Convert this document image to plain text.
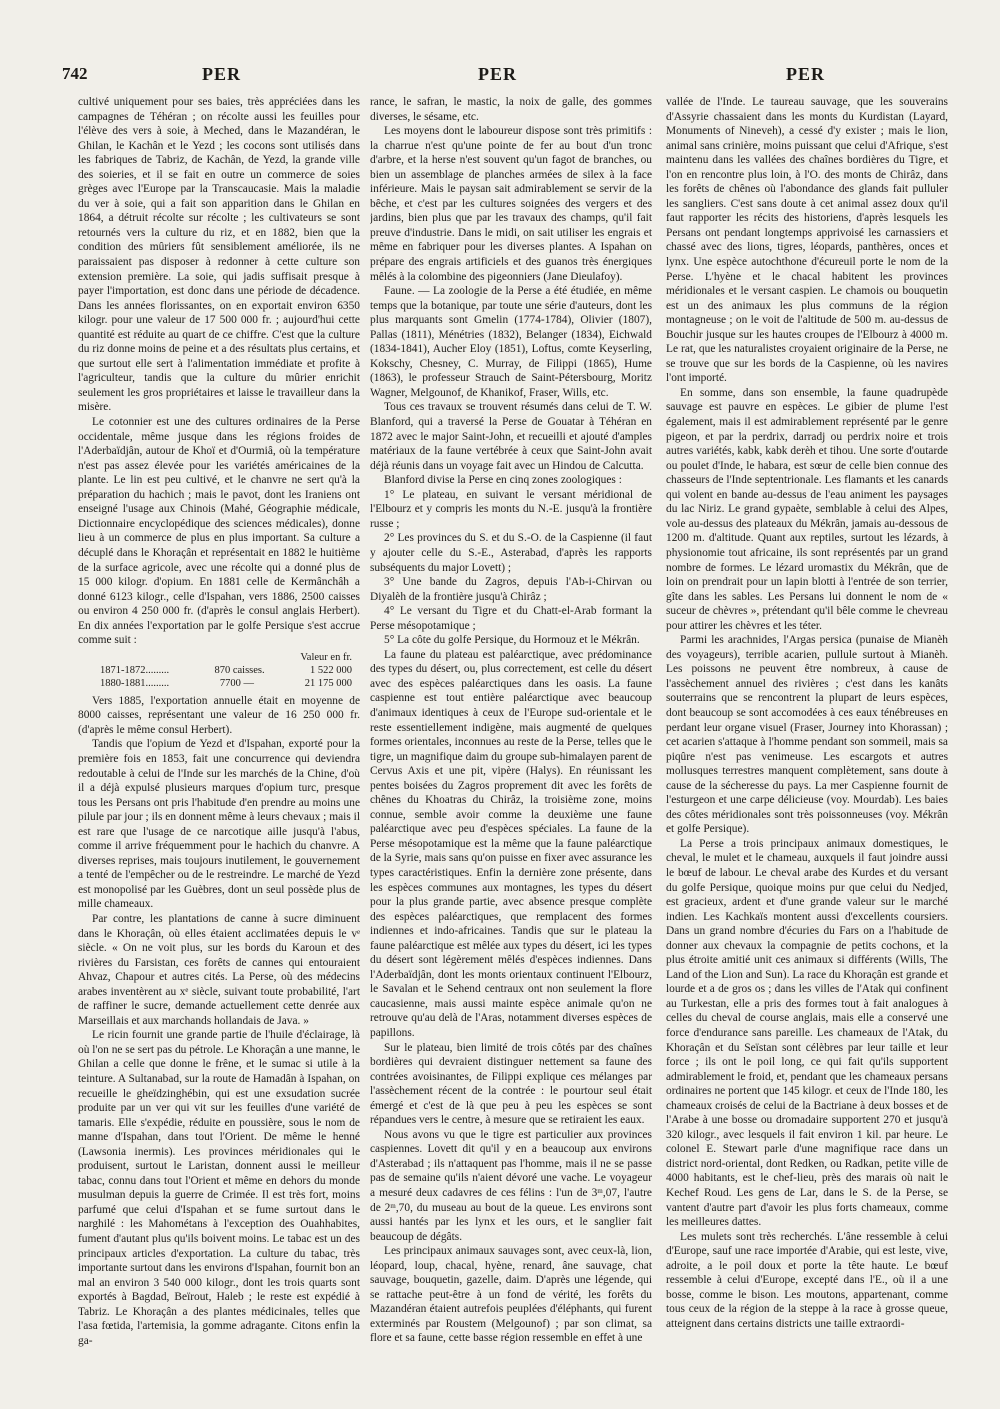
742	PER	PER	PER

cultivé uniquement pour ses baies, très appréciées dans les campagnes de Téhéran ; on récolte aussi les feuilles pour l'élève des vers à soie, à Meched, dans le Mazandéran, le Ghilan, le Kachân et le Yezd ; les cocons sont utilisés dans les fabriques de Tabriz, de Kachân, de Yezd, la grande ville des soieries, et il se fait en outre un commerce de soies grèges avec l'Europe par la Transcaucasie. Mais la maladie du ver à soie, qui a fait son apparition dans le Ghilan en 1864, a détruit récolte sur récolte ; les cultivateurs se sont retournés vers la culture du riz, et en 1882, bien que la condition des mûriers fût sensiblement améliorée, ils ne paraissaient pas disposer à redonner à cette culture son extension première. La soie, qui jadis suffisait presque à payer l'importation, est donc dans une période de décadence. Dans les années florissantes, on en exportait environ 6350 kilogr. pour une valeur de 17 500 000 fr. ; aujourd'hui cette quantité est réduite au quart de ce chiffre. C'est que la culture du riz donne moins de peine et a des résultats plus certains, et que surtout elle sert à l'alimentation immédiate et profite à l'agriculteur, tandis que la culture du mûrier enrichit seulement les gros propriétaires et laisse le travailleur dans la misère.

Le cotonnier est une des cultures ordinaires de la Perse occidentale, même jusque dans les régions froides de l'Aderbaïdjân, autour de Khoï et d'Ourmiâ, où la température n'est pas assez élevée pour les variétés américaines de la plante. Le lin est peu cultivé, et le chanvre ne sert qu'à la préparation du hachich ; mais le pavot, dont les Iraniens ont enseigné l'usage aux Chinois (Mahé, Géographie médicale, Dictionnaire encyclopédique des sciences médicales), donne lieu à un commerce de plus en plus important. Sa culture a décuplé dans le Khoraçân et représentait en 1882 le huitième de la surface agricole, avec une récolte qui a donné plus de 15 000 kilogr. d'opium. En 1881 celle de Kermânchâh a donné 6123 kilogr., celle d'Ispahan, vers 1886, 2500 caisses ou environ 4 250 000 fr. (d'après le consul anglais Herbert). En dix années l'exportation par le golfe Persique s'est accrue comme suit :

Valeur en fr.
1871-1872.........	870 caisses.	1 522 000
1880-1881.........	7700 —	21 175 000

Vers 1885, l'exportation annuelle était en moyenne de 8000 caisses, représentant une valeur de 16 250 000 fr. (d'après le même consul Herbert).

Tandis que l'opium de Yezd et d'Ispahan, exporté pour la première fois en 1853, fait une concurrence qui deviendra redoutable à celui de l'Inde sur les marchés de la Chine, d'où il a déjà expulsé plusieurs marques d'opium turc, presque tous les Persans ont pris l'habitude d'en prendre au moins une pilule par jour ; ils en donnent même à leurs chevaux ; mais il est rare que l'usage de ce narcotique aille jusqu'à l'abus, comme il arrive fréquemment pour le hachich du chanvre. A diverses reprises, mais toujours inutilement, le gouvernement a tenté de l'empêcher ou de le restreindre. Le marché de Yezd est monopolisé par les Guèbres, dont un seul possède plus de mille chameaux.

Par contre, les plantations de canne à sucre diminuent dans le Khoraçân, où elles étaient acclimatées depuis le vᵉ siècle. « On ne voit plus, sur les bords du Karoun et des rivières du Farsistan, ces forêts de cannes qui entouraient Ahvaz, Chapour et autres cités. La Perse, où des médecins arabes inventèrent au xᵉ siècle, suivant toute probabilité, l'art de raffiner le sucre, demande actuellement cette denrée aux Marseillais et aux marchands hollandais de Java. »

Le ricin fournit une grande partie de l'huile d'éclairage, là où l'on ne se sert pas du pétrole. Le Khoraçân a une manne, le Ghilan a celle que donne le frêne, et le sumac si utile à la teinture. A Sultanabad, sur la route de Hamadân à Ispahan, on recueille le gheïdzinghébin, qui est une exsudation sucrée produite par un ver qui vit sur les feuilles d'une variété de tamaris. Elle s'expédie, réduite en poussière, sous le nom de manne d'Ispahan, dans tout l'Orient. De même le henné (Lawsonia inermis). Les provinces méridionales qui le produisent, surtout le Laristan, donnent aussi le meilleur tabac, connu dans tout l'Orient et même en dehors du monde musulman depuis la guerre de Crimée. Il est très fort, moins parfumé que celui d'Ispahan et se fume surtout dans le narghilé : les Mahométans à l'exception des Ouahhabites, fument d'autant plus qu'ils boivent moins. Le tabac est un des principaux articles d'exportation. La culture du tabac, très importante surtout dans les environs d'Ispahan, fournit bon an mal an environ 3 540 000 kilogr., dont les trois quarts sont exportés à Bagdad, Beïrout, Haleb ; le reste est expédié à Tabriz. Le Khoraçân a des plantes médicinales, telles que l'asa fœtida, l'artemisia, la gomme adragante. Citons enfin la ga-

rance, le safran, le mastic, la noix de galle, des gommes diverses, le sésame, etc.

Les moyens dont le laboureur dispose sont très primitifs : la charrue n'est qu'une pointe de fer au bout d'un tronc d'arbre, et la herse n'est souvent qu'un fagot de branches, ou bien un assemblage de planches armées de silex à la face inférieure. Mais le paysan sait admirablement se servir de la bêche, et c'est par les cultures soignées des vergers et des jardins, bien plus que par les travaux des champs, qu'il fait preuve d'industrie. Dans le midi, on sait utiliser les engrais et même en fabriquer pour les diverses plantes. A Ispahan on prépare des engrais artificiels et des guanos très énergiques mêlés à la colombine des pigeonniers (Jane Dieulafoy).

Faune. — La zoologie de la Perse a été étudiée, en même temps que la botanique, par toute une série d'auteurs, dont les plus marquants sont Gmelin (1774-1784), Olivier (1807), Pallas (1811), Ménétries (1832), Belanger (1834), Eichwald (1834-1841), Aucher Eloy (1851), Loftus, comte Keyserling, Kokschy, Chesney, C. Murray, de Filippi (1865), Hume (1863), le professeur Strauch de Saint-Pétersbourg, Moritz Wagner, Melgounof, de Khanikof, Fraser, Wills, etc.

Tous ces travaux se trouvent résumés dans celui de T. W. Blanford, qui a traversé la Perse de Gouatar à Téhéran en 1872 avec le major Saint-John, et recueilli et ajouté d'amples matériaux de la faune vertébrée à ceux que Saint-John avait déjà réunis dans un voyage fait avec un Hindou de Calcutta.

Blanford divise la Perse en cinq zones zoologiques :

1° Le plateau, en suivant le versant méridional de l'Elbourz et y compris les monts du N.-E. jusqu'à la frontière russe ;

2° Les provinces du S. et du S.-O. de la Caspienne (il faut y ajouter celle du S.-E., Asterabad, d'après les rapports subséquents du major Lovett) ;

3° Une bande du Zagros, depuis l'Ab-i-Chirvan ou Diyalèh de la frontière jusqu'à Chirâz ;

4° Le versant du Tigre et du Chatt-el-Arab formant la Perse mésopotamique ;

5° La côte du golfe Persique, du Hormouz et le Mékrân.

La faune du plateau est paléarctique, avec prédominance des types du désert, ou, plus correctement, est celle du désert avec des espèces paléarctiques dans les oasis. La faune caspienne est tout entière paléarctique avec beaucoup d'animaux identiques à ceux de l'Europe sud-orientale et le reste essentiellement indigène, mais augmenté de quelques formes orientales, inconnues au reste de la Perse, telles que le tigre, un magnifique daim du groupe sub-himalayen parent de Cervus Axis et une pit, vipère (Halys). En réunissant les pentes boisées du Zagros proprement dit avec les forêts de chênes du Khoatras du Chirâz, la troisième zone, moins connue, semble avoir comme la deuxième une faune paléarctique avec peu d'espèces spéciales. La faune de la Perse mésopotamique est la même que la faune paléarctique de la Syrie, mais sans qu'on puisse en fixer avec assurance les types caractéristiques. Enfin la dernière zone présente, dans les espèces communes aux montagnes, les types du désert pour la plus grande partie, avec absence presque complète des espèces paléarctiques, que remplacent des formes indiennes et indo-africaines. Tandis que sur le plateau la faune paléarctique est mêlée aux types du désert, ici les types du désert sont légèrement mêlés d'espèces indiennes. Dans l'Aderbaïdjân, dont les monts orientaux continuent l'Elbourz, le Savalan et le Sehend centraux ont non seulement la flore caucasienne, mais aussi mainte espèce animale qu'on ne retrouve qu'au delà de l'Aras, notamment diverses espèces de papillons.

Sur le plateau, bien limité de trois côtés par des chaînes bordières qui devraient distinguer nettement sa faune des contrées avoisinantes, de Filippi explique ces mélanges par l'assèchement récent de la contrée : le pourtour seul était émergé et c'est de là que peu à peu les espèces se sont répandues vers le centre, à mesure que se retiraient les eaux.

Nous avons vu que le tigre est particulier aux provinces caspiennes. Lovett dit qu'il y en a beaucoup aux environs d'Asterabad ; ils n'attaquent pas l'homme, mais il ne se passe pas de semaine qu'ils n'aient dévoré une vache. Le voyageur a mesuré deux cadavres de ces félins : l'un de 3ᵐ,07, l'autre de 2ᵐ,70, du museau au bout de la queue. Les environs sont aussi hantés par les lynx et les ours, et le sanglier fait beaucoup de dégâts.

Les principaux animaux sauvages sont, avec ceux-là, lion, léopard, loup, chacal, hyène, renard, âne sauvage, chat sauvage, bouquetin, gazelle, daim. D'après une légende, qui se rattache peut-être à un fond de vérité, les forêts du Mazandéran étaient autrefois peuplées d'éléphants, qui furent exterminés par Roustem (Melgounof) ; par son climat, sa flore et sa faune, cette basse région ressemble en effet à une

vallée de l'Inde. Le taureau sauvage, que les souverains d'Assyrie chassaient dans les monts du Kurdistan (Layard, Monuments of Nineveh), a cessé d'y exister ; mais le lion, animal sans crinière, moins puissant que celui d'Afrique, s'est maintenu dans les vallées des chaînes bordières du Tigre, et l'on en rencontre plus loin, à l'O. des monts de Chirâz, dans les forêts de chênes où l'abondance des glands fait pulluler les sangliers. C'est sans doute à cet animal assez doux qu'il faut rapporter les récits des historiens, d'après lesquels les Persans ont pendant longtemps apprivoisé les carnassiers et chassé avec des lions, tigres, léopards, panthères, onces et lynx. Une espèce autochthone d'écureuil porte le nom de la Perse. L'hyène et le chacal habitent les provinces méridionales et le versant caspien. Le chamois ou bouquetin est un des animaux les plus communs de la région montagneuse ; on le voit de l'altitude de 500 m. au-dessus de Bouchir jusque sur les hautes croupes de l'Elbourz à 4000 m. Le rat, que les naturalistes croyaient originaire de la Perse, ne se trouve que sur les bords de la Caspienne, où les navires l'ont importé.

En somme, dans son ensemble, la faune quadrupède sauvage est pauvre en espèces. Le gibier de plume l'est également, mais il est admirablement représenté par le genre pigeon, et par la perdrix, darradj ou perdrix noire et trois autres variétés, kabk, kabk derèh et tihou. Une sorte d'outarde ou poulet d'Inde, le habara, est sœur de celle bien connue des chasseurs de l'Inde septentrionale. Les flamants et les canards qui volent en bande au-dessus de l'eau animent les paysages du lac Niriz. Le grand gypaète, semblable à celui des Alpes, vole au-dessus des plateaux du Mékrân, jamais au-dessous de 1200 m. d'altitude. Quant aux reptiles, surtout les lézards, à physionomie tout africaine, ils sont représentés par un grand nombre de formes. Le lézard uromastix du Mékrân, que de loin on prendrait pour un lapin blotti à l'entrée de son terrier, gîte dans les sables. Les Persans lui donnent le nom de « suceur de chèvres », prétendant qu'il bêle comme le chevreau pour attirer les chèvres et les téter.

Parmi les arachnides, l'Argas persica (punaise de Mianèh des voyageurs), terrible acarien, pullule surtout à Mianèh. Les poissons ne peuvent être nombreux, à cause de l'assèchement annuel des rivières ; c'est dans les kanâts souterrains que se rencontrent la plupart de leurs espèces, dont beaucoup se sont accomodées à ces eaux ténébreuses en perdant leur organe visuel (Fraser, Journey into Khorassan) ; cet acarien s'attaque à l'homme pendant son sommeil, mais sa piqûre n'est pas venimeuse. Les escargots et autres mollusques terrestres manquent complètement, sans doute à cause de la sécheresse du pays. La mer Caspienne fournit de l'esturgeon et une carpe délicieuse (voy. Mourdab). Les baies des côtes méridionales sont très poissonneuses (voy. Mékrân et golfe Persique).

La Perse a trois principaux animaux domestiques, le cheval, le mulet et le chameau, auxquels il faut joindre aussi le bœuf de labour. Le cheval arabe des Kurdes et du versant du golfe Persique, quoique moins pur que celui du Nedjed, est gracieux, ardent et d'une grande valeur sur le marché indien. Les Kachkaïs montent aussi d'excellents coursiers. Dans un grand nombre d'écuries du Fars on a l'habitude de donner aux chevaux la compagnie de petits cochons, et la plus étroite amitié unit ces animaux si différents (Wills, The Land of the Lion and Sun). La race du Khoraçân est grande et lourde et a de gros os ; dans les villes de l'Atak qui confinent au Turkestan, elle a pris des formes tout à fait analogues à celles du cheval de course anglais, mais elle a conservé une force d'endurance sans pareille. Les chameaux de l'Atak, du Khoraçân et du Seïstan sont célèbres par leur taille et leur force ; ils ont le poil long, ce qui fait qu'ils supportent admirablement le froid, et, pendant que les chameaux persans ordinaires ne portent que 145 kilogr. et ceux de l'Inde 180, les chameaux croisés de celui de la Bactriane à deux bosses et de l'Arabe à une bosse ou dromadaire supportent 270 et jusqu'à 320 kilogr., avec lesquels il fait environ 1 kil. par heure. Le colonel E. Stewart parle d'une magnifique race dans un district nord-oriental, dont Redken, ou Radkan, petite ville de 4000 habitants, est le chef-lieu, près des marais où nait le Kechef Roud. Les gens de Lar, dans le S. de la Perse, se vantent d'autre part d'avoir les plus forts chameaux, comme les meilleures dattes.

Les mulets sont très recherchés. L'âne ressemble à celui d'Europe, sauf une race importée d'Arabie, qui est leste, vive, adroite, a le poil doux et porte la tête haute. Le bœuf ressemble à celui d'Europe, excepté dans l'E., où il a une bosse, comme le bison. Les moutons, appartenant, comme tous ceux de la région de la steppe à la race à grosse queue, atteignent dans certains districts une taille extraordi-
